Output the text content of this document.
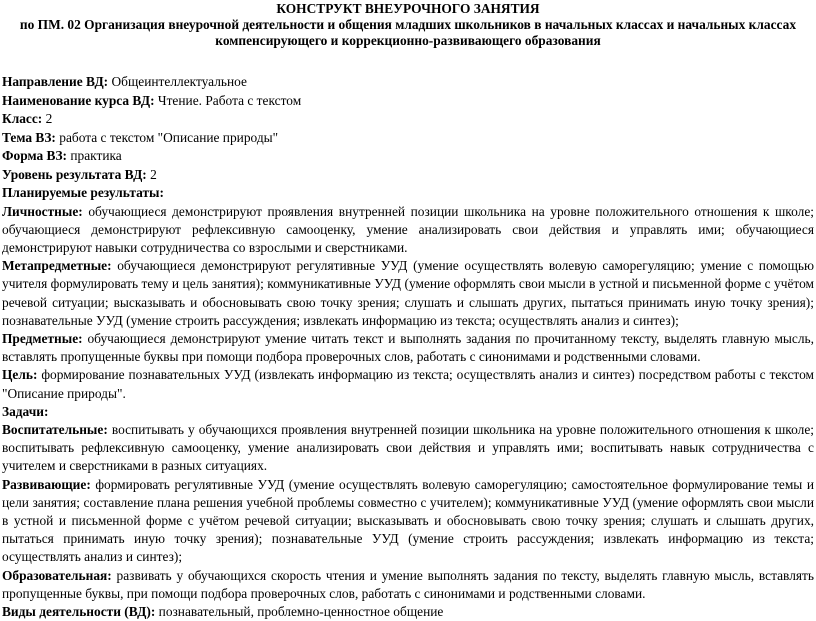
КОНСТРУКТ ВНЕУРОЧНОГО ЗАНЯТИЯ

по ПМ. 02 Организация внеурочной деятельности и общения младших школьников в начальных классах и начальных классах компенсирующего и коррекционно-развивающего образования

Направление ВД: Общеинтеллектуальное

Наименование курса ВД: Чтение. Работа с текстом

Класс: 2

Тема ВЗ: работа с текстом "Описание природы"

Форма ВЗ: практика

Уровень результата ВД: 2

Планируемые результаты:

Личностные: обучающиеся демонстрируют проявления внутренней позиции школьника на уровне положительного отношения к школе; обучающиеся демонстрируют рефлексивную самооценку, умение анализировать свои действия и управлять ими; обучающиеся демонстрируют навыки сотрудничества со взрослыми и сверстниками.

Метапредметные: обучающиеся демонстрируют регулятивные УУД (умение осуществлять волевую саморегуляцию; умение с помощью учителя формулировать тему и цель занятия); коммуникативные УУД (умение оформлять свои мысли в устной и письменной форме с учётом речевой ситуации; высказывать и обосновывать свою точку зрения; слушать и слышать других, пытаться принимать иную точку зрения); познавательные УУД (умение строить рассуждения; извлекать информацию из текста; осуществлять анализ и синтез);

Предметные: обучающиеся демонстрируют умение читать текст и выполнять задания по прочитанному тексту, выделять главную мысль, вставлять пропущенные буквы при помощи подбора проверочных слов, работать с синонимами и родственными словами.

Цель: формирование познавательных УУД (извлекать информацию из текста; осуществлять анализ и синтез) посредством работы с текстом "Описание природы".

Задачи:

Воспитательные: воспитывать у обучающихся проявления внутренней позиции школьника на уровне положительного отношения к школе; воспитывать рефлексивную самооценку, умение анализировать свои действия и управлять ими; воспитывать навык сотрудничества с учителем и сверстниками в разных ситуациях.

Развивающие: формировать регулятивные УУД (умение осуществлять волевую саморегуляцию; самостоятельное формулирование темы и цели занятия; составление плана решения учебной проблемы совместно с учителем); коммуникативные УУД (умение оформлять свои мысли в устной и письменной форме с учётом речевой ситуации; высказывать и обосновывать свою точку зрения; слушать и слышать других, пытаться принимать иную точку зрения); познавательные УУД (умение строить рассуждения; извлекать информацию из текста; осуществлять анализ и синтез);

Образовательная: развивать у обучающихся скорость чтения и умение выполнять задания по тексту, выделять главную мысль, вставлять пропущенные буквы, при помощи подбора проверочных слов, работать с синонимами и родственными словами.

Виды деятельности (ВД): познавательный, проблемно-ценностное общение
